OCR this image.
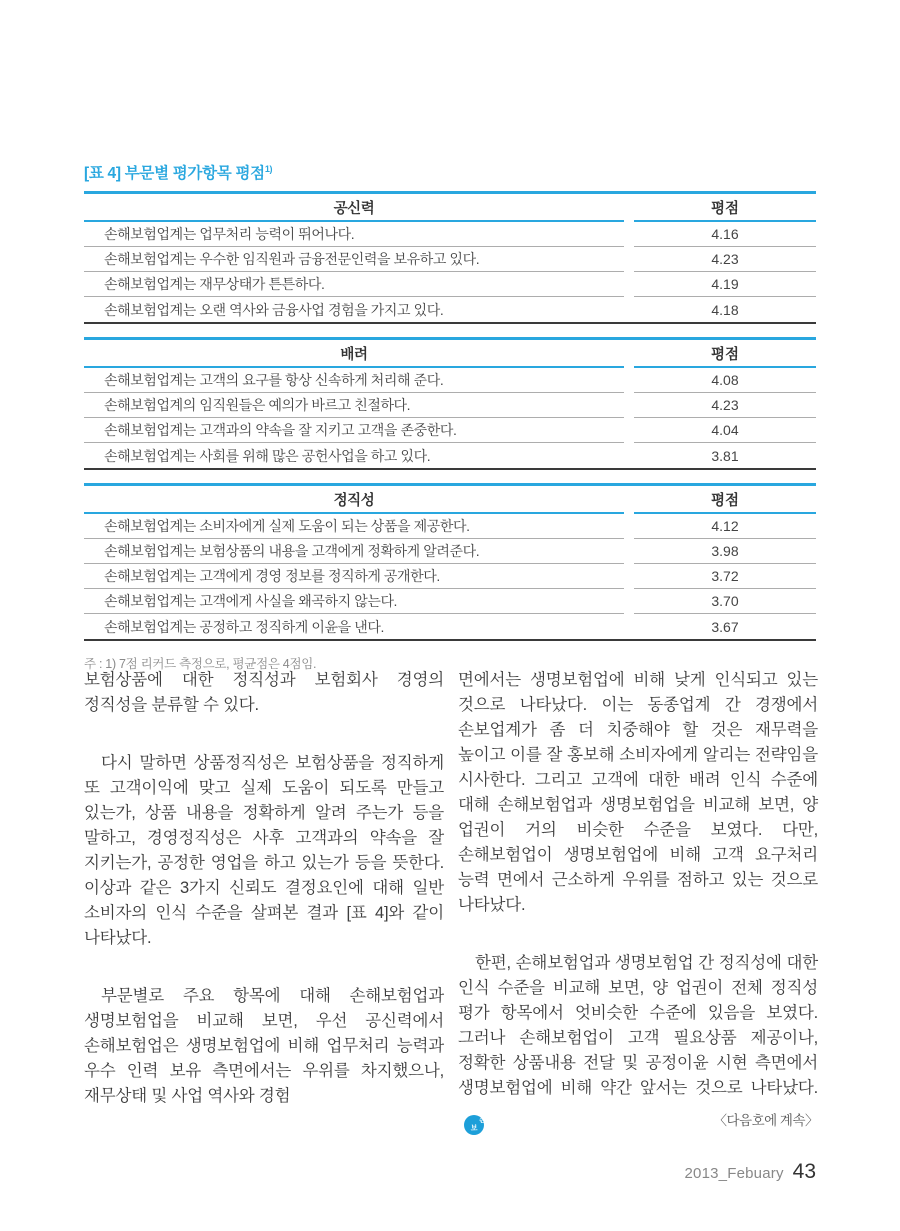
[표 4] 부문별 평가항목 평점$^{1)}$
공신력	평점
손해보험업계는 업무처리 능력이 뛰어나다.	4.16
손해보험업계는 우수한 임직원과 금융전문인력을 보유하고 있다.	4.23
손해보험업계는 재무상태가 튼튼하다.	4.19
손해보험업계는 오랜 역사와 금융사업 경험을 가지고 있다.	4.18
배려	평점
손해보험업계는 고객의 요구를 항상 신속하게 처리해 준다.	4.08
손해보험업계의 임직원들은 예의가 바르고 친절하다.	4.23
손해보험업계는 고객과의 약속을 잘 지키고 고객을 존중한다.	4.04
손해보험업계는 사회를 위해 많은 공헌사업을 하고 있다.	3.81
정직성	평점
손해보험업계는 소비자에게 실제 도움이 되는 상품을 제공한다.	4.12
손해보험업계는 보험상품의 내용을 고객에게 정확하게 알려준다.	3.98
손해보험업계는 고객에게 경영 정보를 정직하게 공개한다.	3.72
손해보험업계는 고객에게 사실을 왜곡하지 않는다.	3.70
손해보험업계는 공정하고 정직하게 이윤을 낸다.	3.67
주 : 1) 7점 리커드 측정으로, 평균점은 4점임.

보험상품에 대한 정직성과 보험회사 경영의 정직성을 분류할 수 있다.

다시 말하면 상품정직성은 보험상품을 정직하게 또 고객이익에 맞고 실제 도움이 되도록 만들고 있는가, 상품 내용을 정확하게 알려 주는가 등을 말하고, 경영정직성은 사후 고객과의 약속을 잘 지키는가, 공정한 영업을 하고 있는가 등을 뜻한다. 이상과 같은 3가지 신뢰도 결정요인에 대해 일반 소비자의 인식 수준을 살펴본 결과 [표 4]와 같이 나타났다.

부문별로 주요 항목에 대해 손해보험업과 생명보험업을 비교해 보면, 우선 공신력에서 손해보험업은 생명보험업에 비해 업무처리 능력과 우수 인력 보유 측면에서는 우위를 차지했으나, 재무상태 및 사업 역사와 경험

면에서는 생명보험업에 비해 낮게 인식되고 있는 것으로 나타났다. 이는 동종업계 간 경쟁에서 손보업계가 좀 더 치중해야 할 것은 재무력을 높이고 이를 잘 홍보해 소비자에게 알리는 전략임을 시사한다. 그리고 고객에 대한 배려 인식 수준에 대해 손해보험업과 생명보험업을 비교해 보면, 양 업권이 거의 비슷한 수준을 보였다. 다만, 손해보험업이 생명보험업에 비해 고객 요구처리 능력 면에서 근소하게 우위를 점하고 있는 것으로 나타났다.

한편, 손해보험업과 생명보험업 간 정직성에 대한 인식 수준을 비교해 보면, 양 업권이 전체 정직성 평가 항목에서 엇비슷한 수준에 있음을 보였다. 그러나 손해보험업이 고객 필요상품 제공이나, 정확한 상품내용 전달 및 공정이윤 시현 측면에서 생명보험업에 비해 약간 앞서는 것으로 나타났다.손보
〈다음호에 계속〉

2013_Febuary 43
